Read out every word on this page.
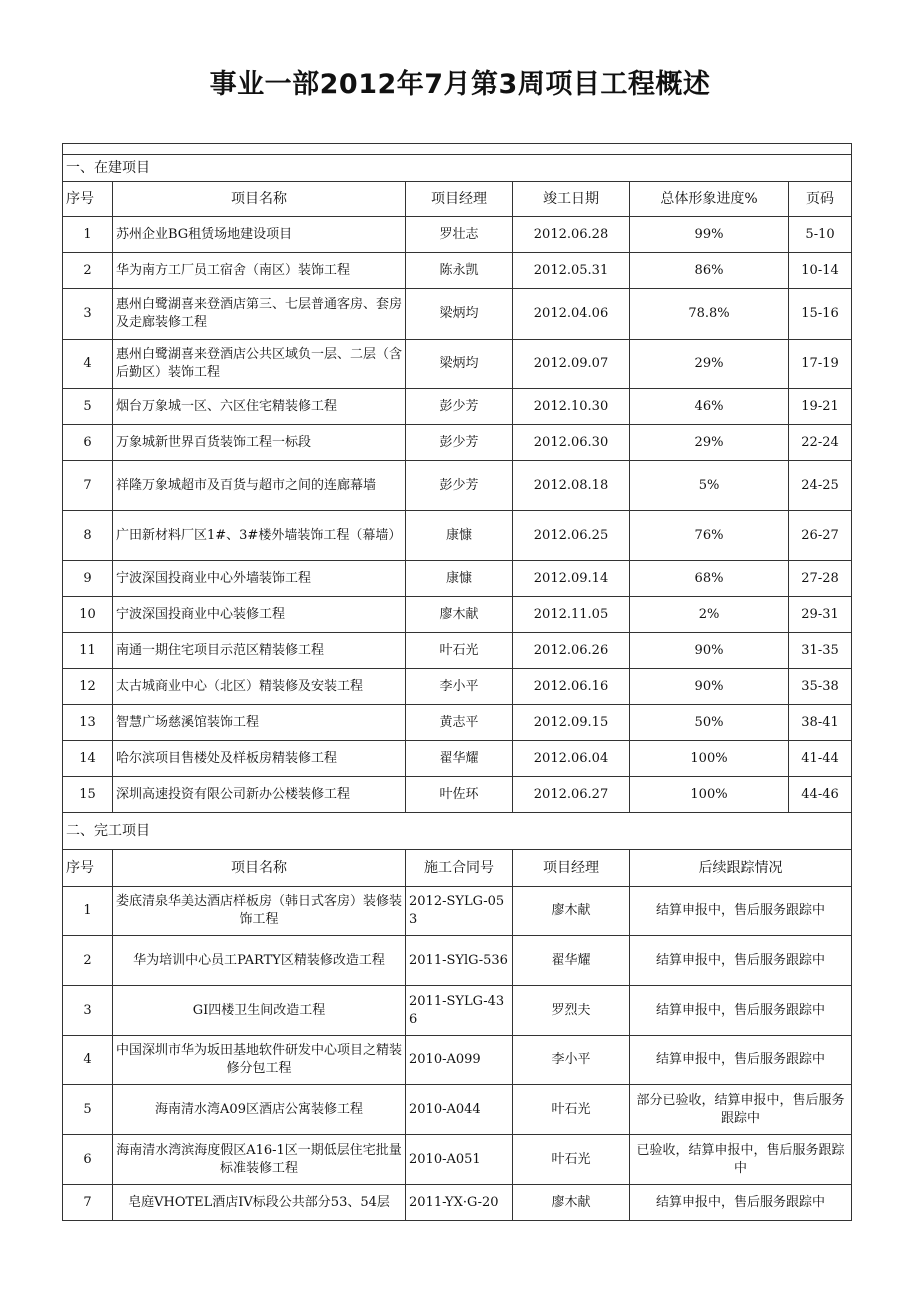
事业一部2012年7月第3周项目工程概述

一、在建项目					
序号	项目名称	项目经理	竣工日期	总体形象进度%	页码
1	苏州企业BG租赁场地建设项目	罗壮志	2012.06.28	99%	5-10
2	华为南方工厂员工宿舍（南区）装饰工程	陈永凯	2012.05.31	86%	10-14
3	惠州白鹭湖喜来登酒店第三、七层普通客房、套房及走廊装修工程	梁炳均	2012.04.06	78.8%	15-16
4	惠州白鹭湖喜来登酒店公共区域负一层、二层（含后勤区）装饰工程	梁炳均	2012.09.07	29%	17-19
5	烟台万象城一区、六区住宅精装修工程	彭少芳	2012.10.30	46%	19-21
6	万象城新世界百货装饰工程一标段	彭少芳	2012.06.30	29%	22-24
7	祥隆万象城超市及百货与超市之间的连廊幕墙	彭少芳	2012.08.18	5%	24-25
8	广田新材料厂区1#、3#楼外墙装饰工程（幕墙）	康慷	2012.06.25	76%	26-27
9	宁波深国投商业中心外墙装饰工程	康慷	2012.09.14	68%	27-28
10	宁波深国投商业中心装修工程	廖木献	2012.11.05	2%	29-31
11	南通一期住宅项目示范区精装修工程	叶石光	2012.06.26	90%	31-35
12	太古城商业中心（北区）精装修及安装工程	李小平	2012.06.16	90%	35-38
13	智慧广场慈溪馆装饰工程	黄志平	2012.09.15	50%	38-41
14	哈尔滨项目售楼处及样板房精装修工程	翟华耀	2012.06.04	100%	41-44
15	深圳高速投资有限公司新办公楼装修工程	叶佐环	2012.06.27	100%	44-46
二、完工项目					
序号	项目名称	施工合同号	项目经理	后续跟踪情况	
1	娄底清泉华美达酒店样板房（韩日式客房）装修装饰工程	2012-SYLG-053	廖木献	结算申报中，售后服务跟踪中	
2	华为培训中心员工PARTY区精装修改造工程	2011-SYlG-536	翟华耀	结算申报中，售后服务跟踪中	
3	GI四楼卫生间改造工程	2011-SYLG-436	罗烈夫	结算申报中，售后服务跟踪中	
4	中国深圳市华为坂田基地软件研发中心项目之精装修分包工程	2010-A099	李小平	结算申报中，售后服务跟踪中	
5	海南清水湾A09区酒店公寓装修工程	2010-A044	叶石光	部分已验收，结算申报中，售后服务跟踪中	
6	海南清水湾滨海度假区A16-1区一期低层住宅批量标准装修工程	2010-A051	叶石光	已验收，结算申报中，售后服务跟踪中	
7	皂庭VHOTEL酒店IV标段公共部分53、54层	2011-YX·G-20	廖木献	结算申报中，售后服务跟踪中	
